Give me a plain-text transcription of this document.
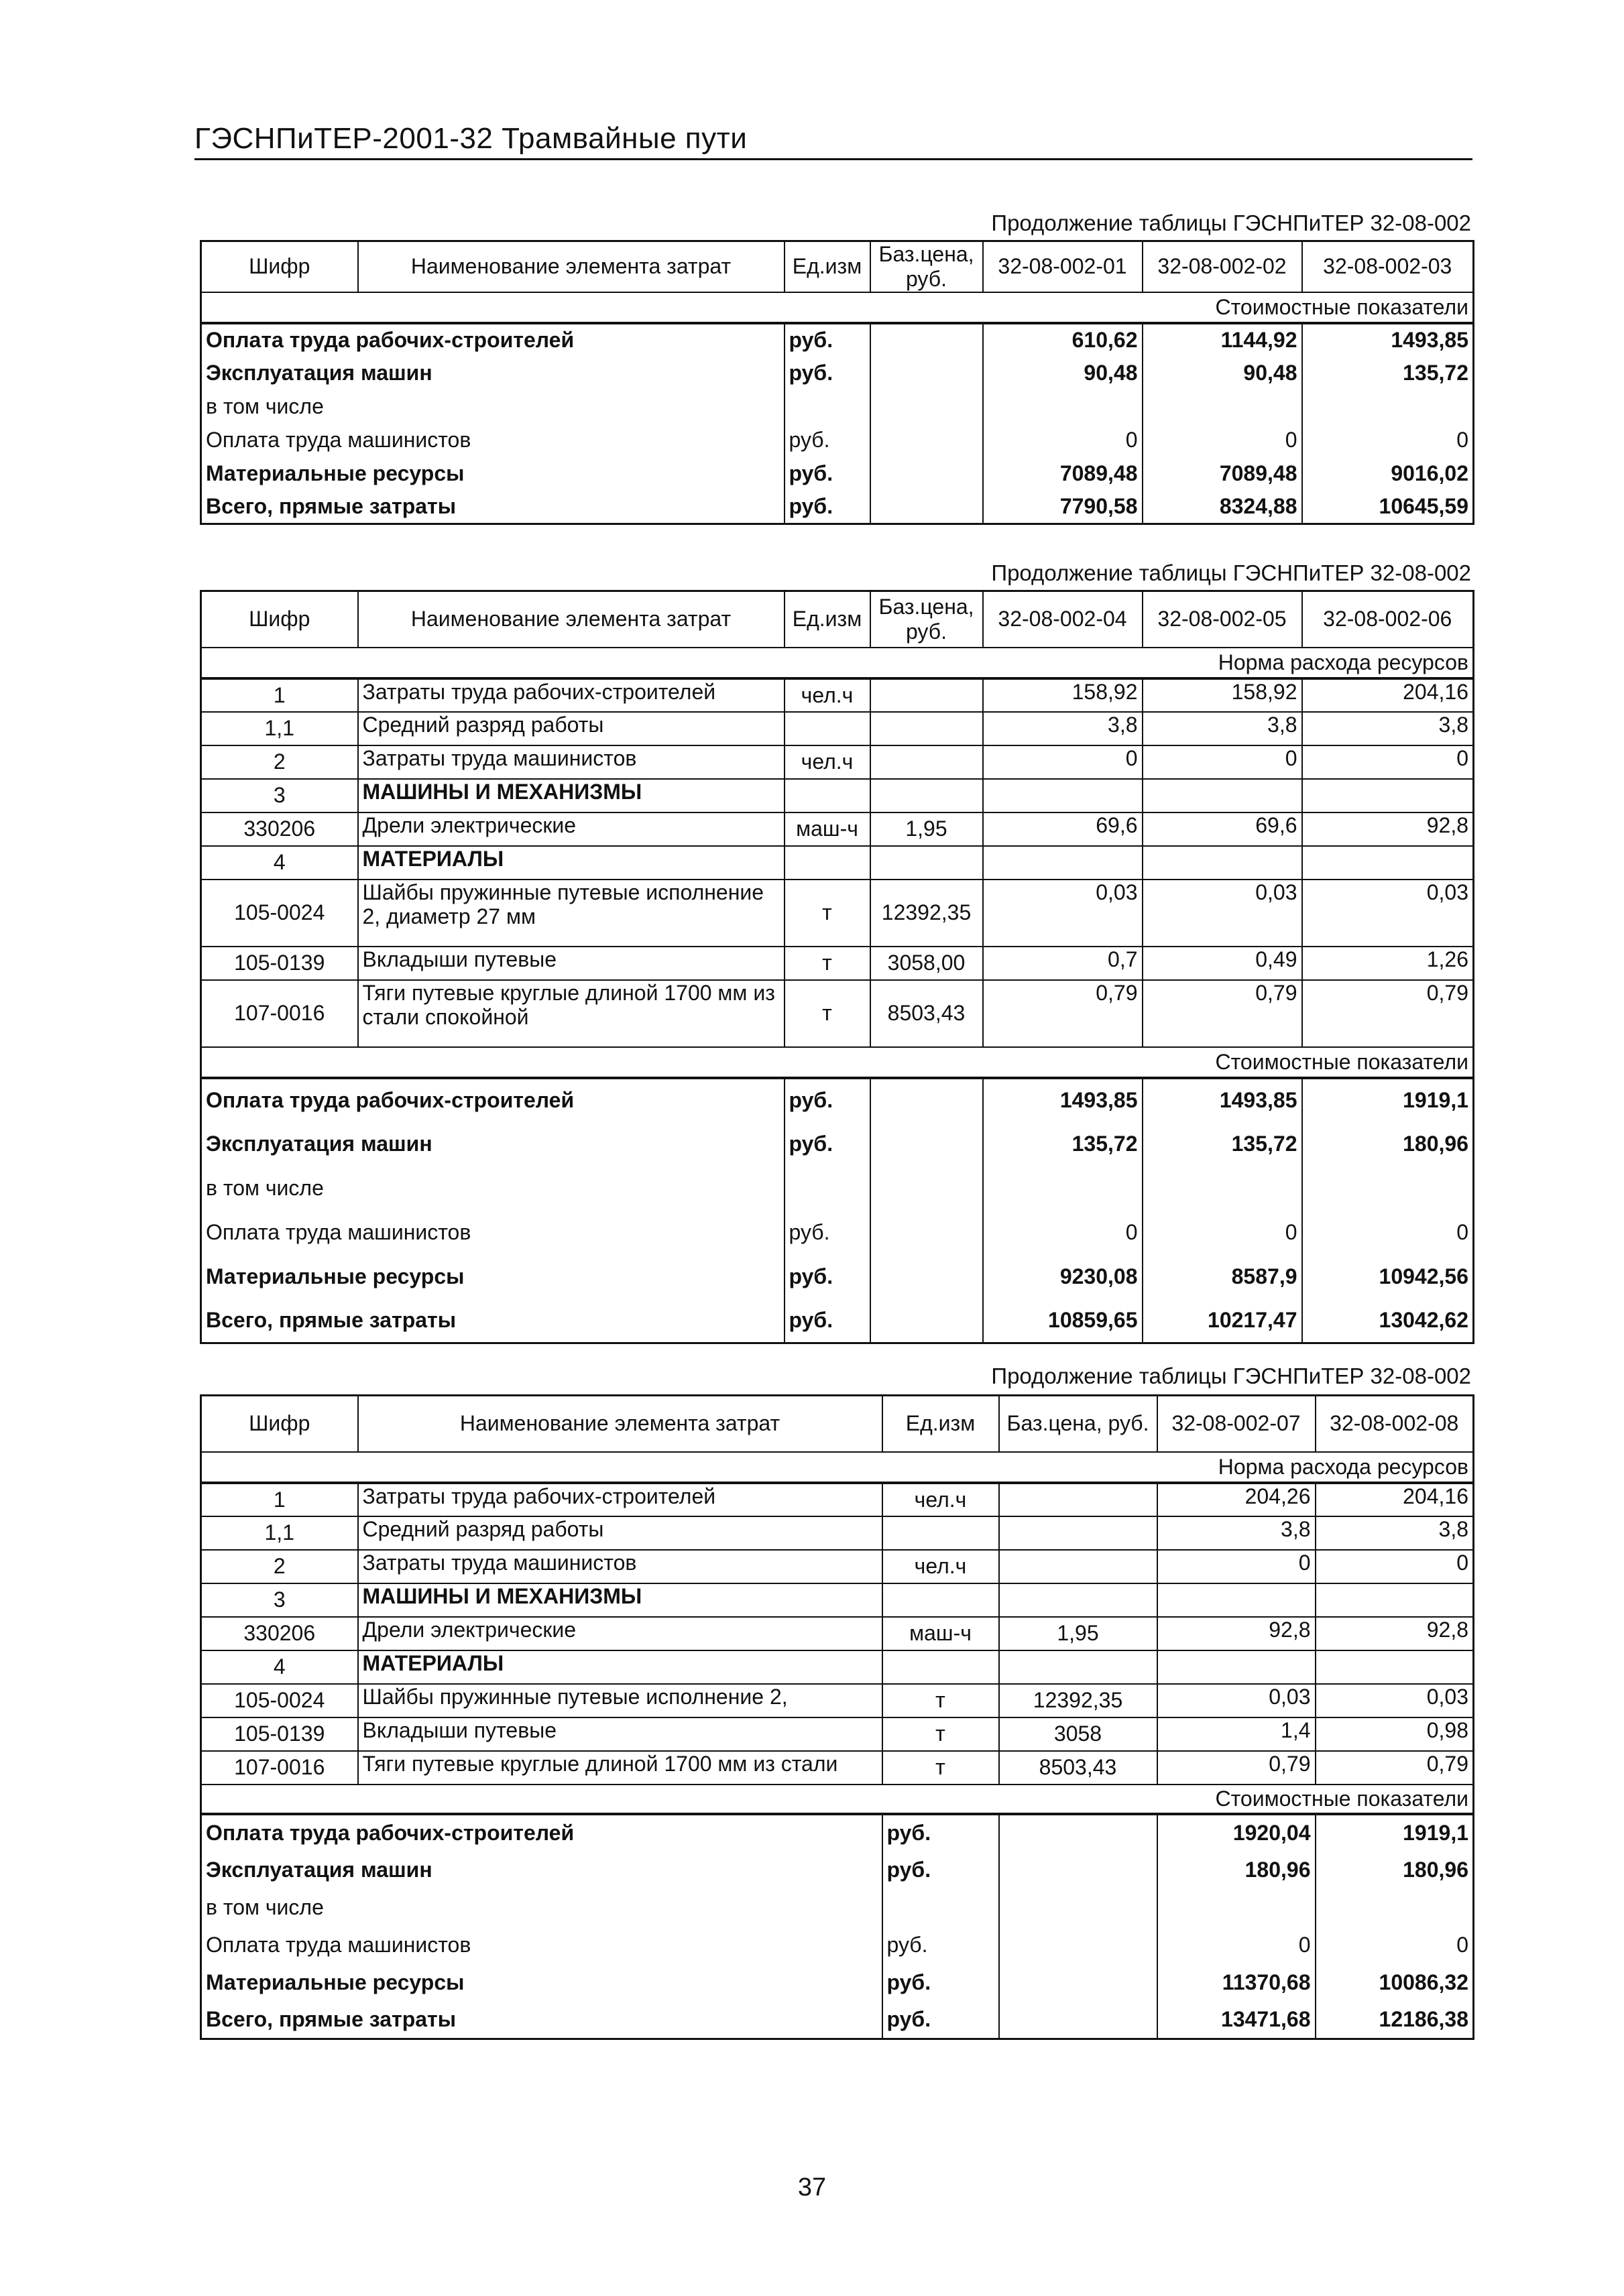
ГЭСНПиТЕР-2001-32 Трамвайные пути
Продолжение таблицы ГЭСНПиТЕР 32-08-002
Шифр	Наименование элемента затрат	Ед.изм	Баз.цена, руб.	32-08-002-01	32-08-002-02	32-08-002-03
Стоимостные показатели						
Оплата труда рабочих-строителей		руб.		610,62	1144,92	1493,85
Эксплуатация машин		руб.		90,48	90,48	135,72
в том числе						
Оплата труда машинистов		руб.		0	0	0
Материальные ресурсы		руб.		7089,48	7089,48	9016,02
Всего, прямые затраты		руб.		7790,58	8324,88	10645,59
Продолжение таблицы ГЭСНПиТЕР 32-08-002
Шифр	Наименование элемента затрат	Ед.изм	Баз.цена, руб.	32-08-002-04	32-08-002-05	32-08-002-06
Норма расхода ресурсов						
1	Затраты труда рабочих-строителей	чел.ч		158,92	158,92	204,16
1,1	Средний разряд работы			3,8	3,8	3,8
2	Затраты труда машинистов	чел.ч		0	0	0
3	МАШИНЫ И МЕХАНИЗМЫ					
330206	Дрели электрические	маш-ч	1,95	69,6	69,6	92,8
4	МАТЕРИАЛЫ					
105-0024	Шайбы пружинные путевые исполнение 2, диаметр 27 мм	т	12392,35	0,03	0,03	0,03
105-0139	Вкладыши путевые	т	3058,00	0,7	0,49	1,26
107-0016	Тяги путевые круглые длиной 1700 мм из стали спокойной	т	8503,43	0,79	0,79	0,79
Стоимостные показатели						
Оплата труда рабочих-строителей		руб.		1493,85	1493,85	1919,1
Эксплуатация машин		руб.		135,72	135,72	180,96
в том числе						
Оплата труда машинистов		руб.		0	0	0
Материальные ресурсы		руб.		9230,08	8587,9	10942,56
Всего, прямые затраты		руб.		10859,65	10217,47	13042,62
Продолжение таблицы ГЭСНПиТЕР 32-08-002
Шифр	Наименование элемента затрат	Ед.изм	Баз.цена, руб.	32-08-002-07	32-08-002-08
Норма расхода ресурсов					
1	Затраты труда рабочих-строителей	чел.ч		204,26	204,16
1,1	Средний разряд работы			3,8	3,8
2	Затраты труда машинистов	чел.ч		0	0
3	МАШИНЫ И МЕХАНИЗМЫ				
330206	Дрели электрические	маш-ч	1,95	92,8	92,8
4	МАТЕРИАЛЫ				
105-0024	Шайбы пружинные путевые исполнение 2,	т	12392,35	0,03	0,03
105-0139	Вкладыши путевые	т	3058	1,4	0,98
107-0016	Тяги путевые круглые длиной 1700 мм из стали	т	8503,43	0,79	0,79
Стоимостные показатели					
Оплата труда рабочих-строителей		руб.		1920,04	1919,1
Эксплуатация машин		руб.		180,96	180,96
в том числе					
Оплата труда машинистов		руб.		0	0
Материальные ресурсы		руб.		11370,68	10086,32
Всего, прямые затраты		руб.		13471,68	12186,38
37
